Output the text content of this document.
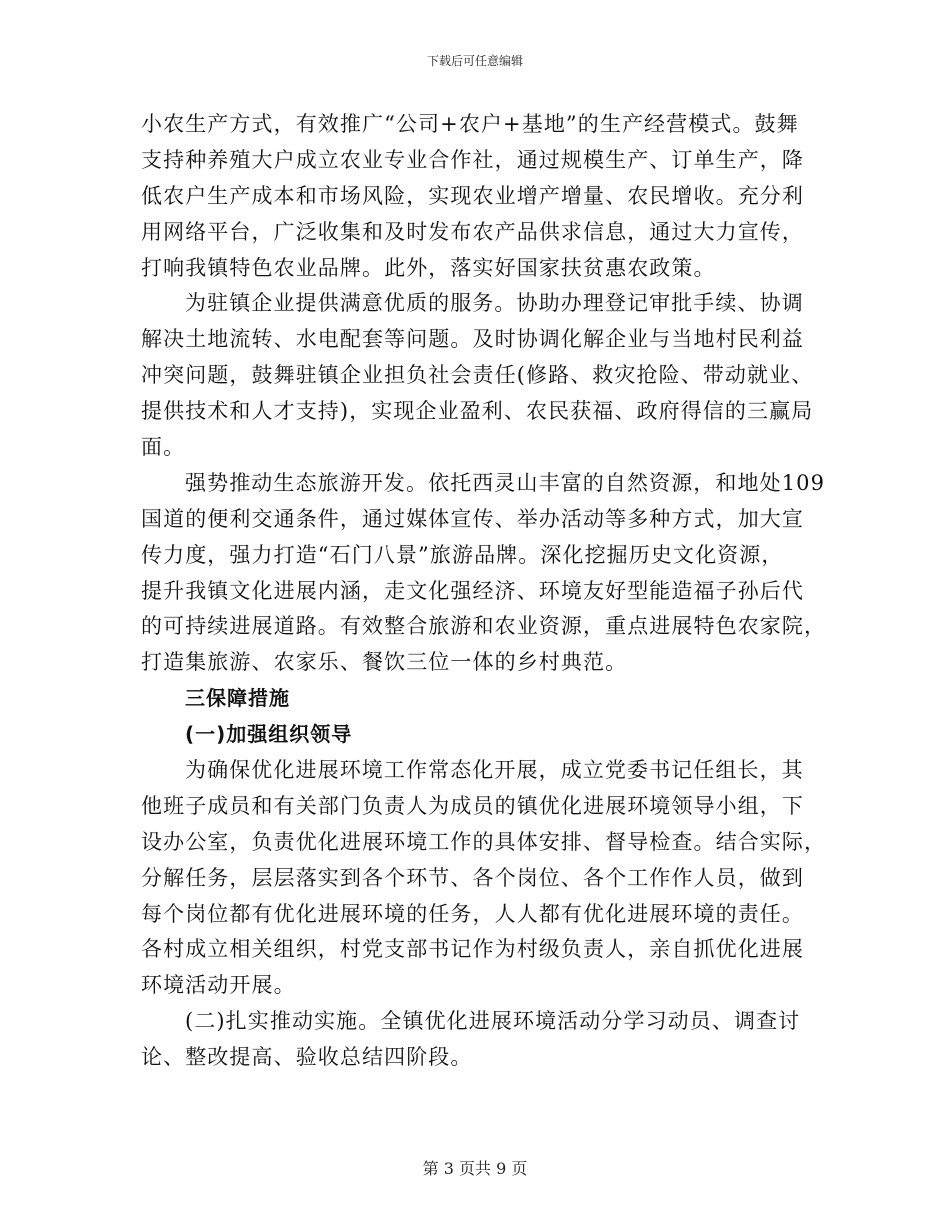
下载后可任意编辑
小农生产方式，有效推广“公司+农户+基地”的生产经营模式。鼓舞
支持种养殖大户成立农业专业合作社，通过规模生产、订单生产，降
低农户生产成本和市场风险，实现农业增产增量、农民增收。充分利
用网络平台，广泛收集和及时发布农产品供求信息，通过大力宣传，
打响我镇特色农业品牌。此外，落实好国家扶贫惠农政策。
为驻镇企业提供满意优质的服务。协助办理登记审批手续、协调
解决土地流转、水电配套等问题。及时协调化解企业与当地村民利益
冲突问题，鼓舞驻镇企业担负社会责任(修路、救灾抢险、带动就业、
提供技术和人才支持)，实现企业盈利、农民获福、政府得信的三赢局
面。
强势推动生态旅游开发。依托西灵山丰富的自然资源，和地处109
国道的便利交通条件，通过媒体宣传、举办活动等多种方式，加大宣
传力度，强力打造“石门八景”旅游品牌。深化挖掘历史文化资源，
提升我镇文化进展内涵，走文化强经济、环境友好型能造福子孙后代
的可持续进展道路。有效整合旅游和农业资源，重点进展特色农家院，
打造集旅游、农家乐、餐饮三位一体的乡村典范。
三保障措施
(一)加强组织领导
为确保优化进展环境工作常态化开展，成立党委书记任组长，其
他班子成员和有关部门负责人为成员的镇优化进展环境领导小组，下
设办公室，负责优化进展环境工作的具体安排、督导检查。结合实际，
分解任务，层层落实到各个环节、各个岗位、各个工作作人员，做到
每个岗位都有优化进展环境的任务，人人都有优化进展环境的责任。
各村成立相关组织，村党支部书记作为村级负责人，亲自抓优化进展
环境活动开展。
(二)扎实推动实施。全镇优化进展环境活动分学习动员、调查讨
论、整改提高、验收总结四阶段。
第 3 页共 9 页
